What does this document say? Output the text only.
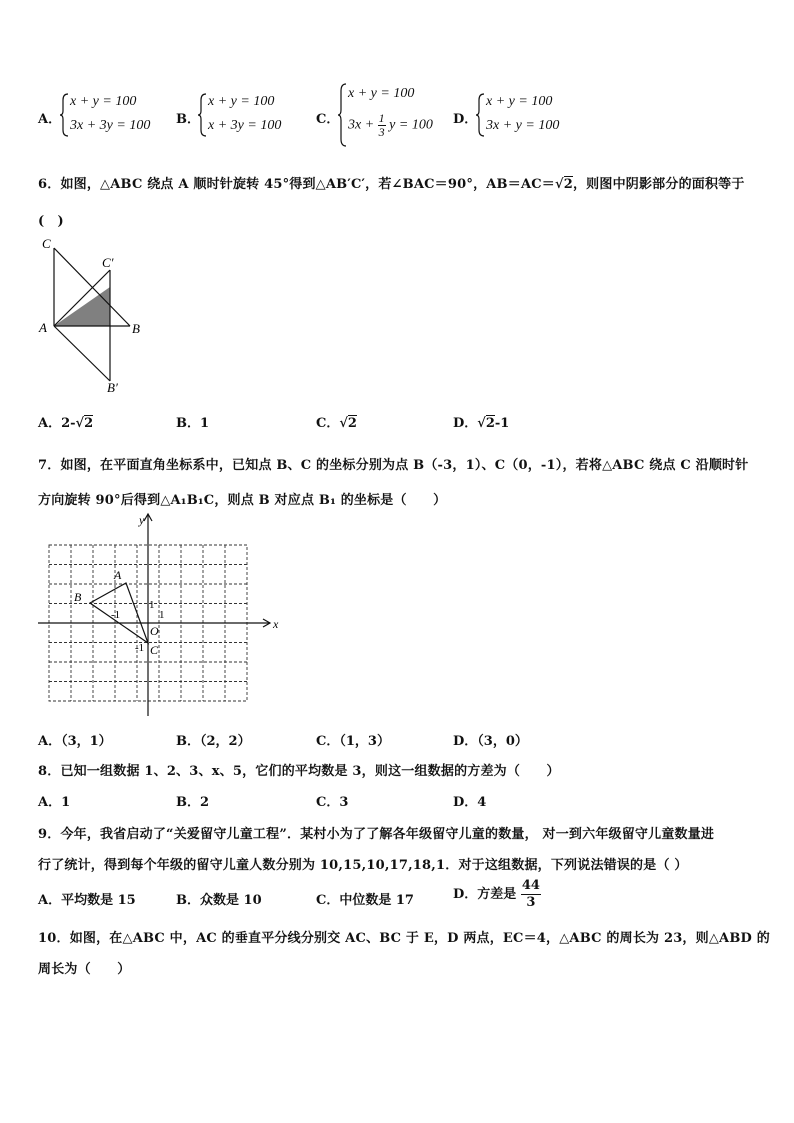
A．
x + y = 100
3x + 3y = 100 B．
x + y = 100
x + 3y = 100	C．
x + y = 100
$3x + \frac{1}{3}$ y = 100 D．
x + y = 100
3x + y = 100
6．如图，△ABC 绕点 A 顺时针旋转 45°得到△AB′C′，若∠BAC＝90°，AB＝AC＝√2，则图中阴影部分的面积等于
(　)
C
C′
A	B
B′
A．2-√2	B．1	C．√2	D．√2-1
7．如图，在平面直角坐标系中，已知点 B、C 的坐标分别为点 B（-3，1）、C（0，-1），若将△ABC 绕点 C 沿顺时针
方向旋转 90°后得到△A₁B₁C，则点 B 对应点 B₁ 的坐标是（　　）
y
x
A
B
O
C
1
-1	1
-1
A．（3，1）	B．（2，2）	C．（1，3）	D．（3，0）
8．已知一组数据 1、2、3、x、5，它们的平均数是 3，则这一组数据的方差为（　　）
A．1	B．2	C．3	D．4
9．今年，我省启动了“关爱留守儿童工程”．某村小为了了解各年级留守儿童的数量， 对一到六年级留守儿童数量进
行了统计，得到每个年级的留守儿童人数分别为 10,15,10,17,18,1．对于这组数据，下列说法错误的是（ ）
A．平均数是 15	B．众数是 10	C．中位数是 17	D．方差是 $\frac{44}{3}$
10．如图，在△ABC 中，AC 的垂直平分线分别交 AC、BC 于 E，D 两点，EC＝4，△ABC 的周长为 23，则△ABD 的
周长为（　　）
